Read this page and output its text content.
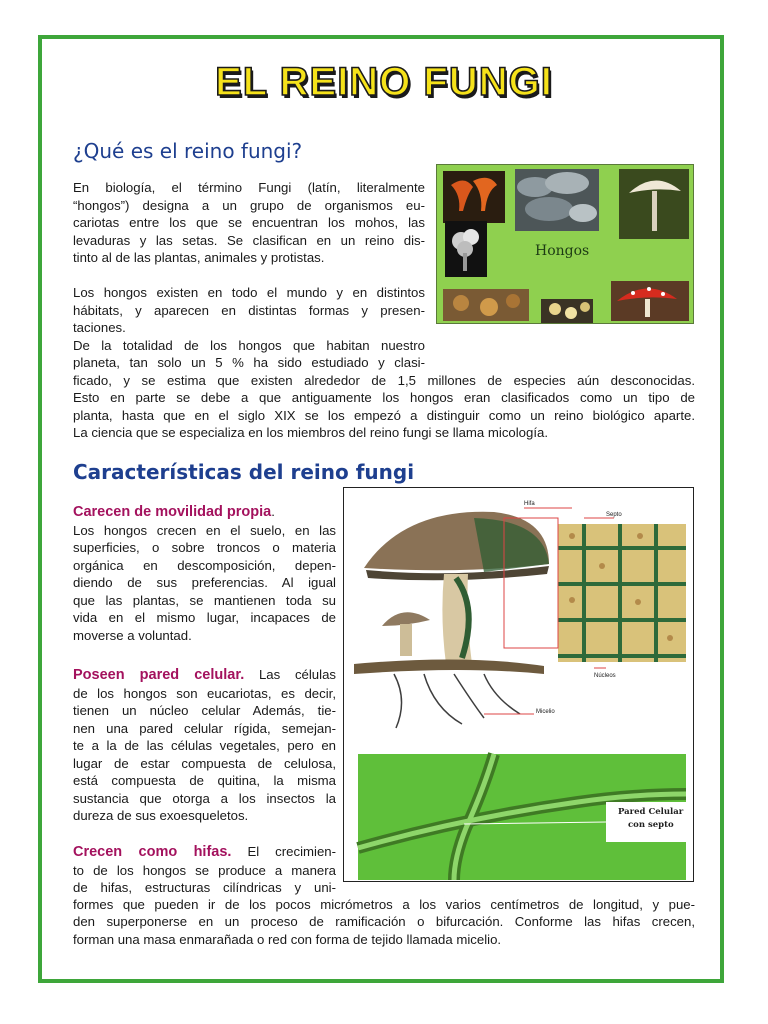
EL REINO FUNGI
¿Qué es el reino fungi?
En biología, el término Fungi (latín, literalmente
“hongos”) designa a un grupo de organismos eu-
cariotas entre los que se encuentran los mohos, las
levaduras y las setas. Se clasifican en un reino dis-
tinto al de las plantas, animales y protistas.
Los hongos existen en todo el mundo y en distintos
hábitats, y aparecen en distintas formas y presen-
taciones.
De la totalidad de los hongos que habitan nuestro
planeta, tan solo un 5 % ha sido estudiado y clasi-
ficado, y se estima que existen alrededor de 1,5 millones de especies aún desconocidas.
Esto en parte se debe a que antiguamente los hongos eran clasificados como un tipo de
planta, hasta que en el siglo XIX se los empezó a distinguir como un reino biológico aparte.
La ciencia que se especializa en los miembros del reino fungi se llama micología.
Hongos
Características del reino fungi
Carecen de movilidad propia.
Los hongos crecen en el suelo, en las
superficies, o sobre troncos o materia
orgánica en descomposición, depen-
diendo de sus preferencias. Al igual
que las plantas, se mantienen toda su
vida en el mismo lugar, incapaces de
moverse a voluntad.
Poseen pared celular. Las células
de los hongos son eucariotas, es decir,
tienen un núcleo celular Además, tie-
nen una pared celular rígida, semejan-
te a la de las células vegetales, pero en
lugar de estar compuesta de celulosa,
está compuesta de quitina, la misma
sustancia que otorga a los insectos la
dureza de sus exoesqueletos.
Crecen como hifas. El crecimien-
to de los hongos se produce a manera
de hifas, estructuras cilíndricas y uni-
formes que pueden ir de los pocos micrómetros a los varios centímetros de longitud, y pue-
den superponerse en un proceso de ramificación o bifurcación. Conforme las hifas crecen,
forman una masa enmarañada o red con forma de tejido llamada micelio.
Hifa
Septo
Núcleos
Micelio
Pared Celular
con septo
